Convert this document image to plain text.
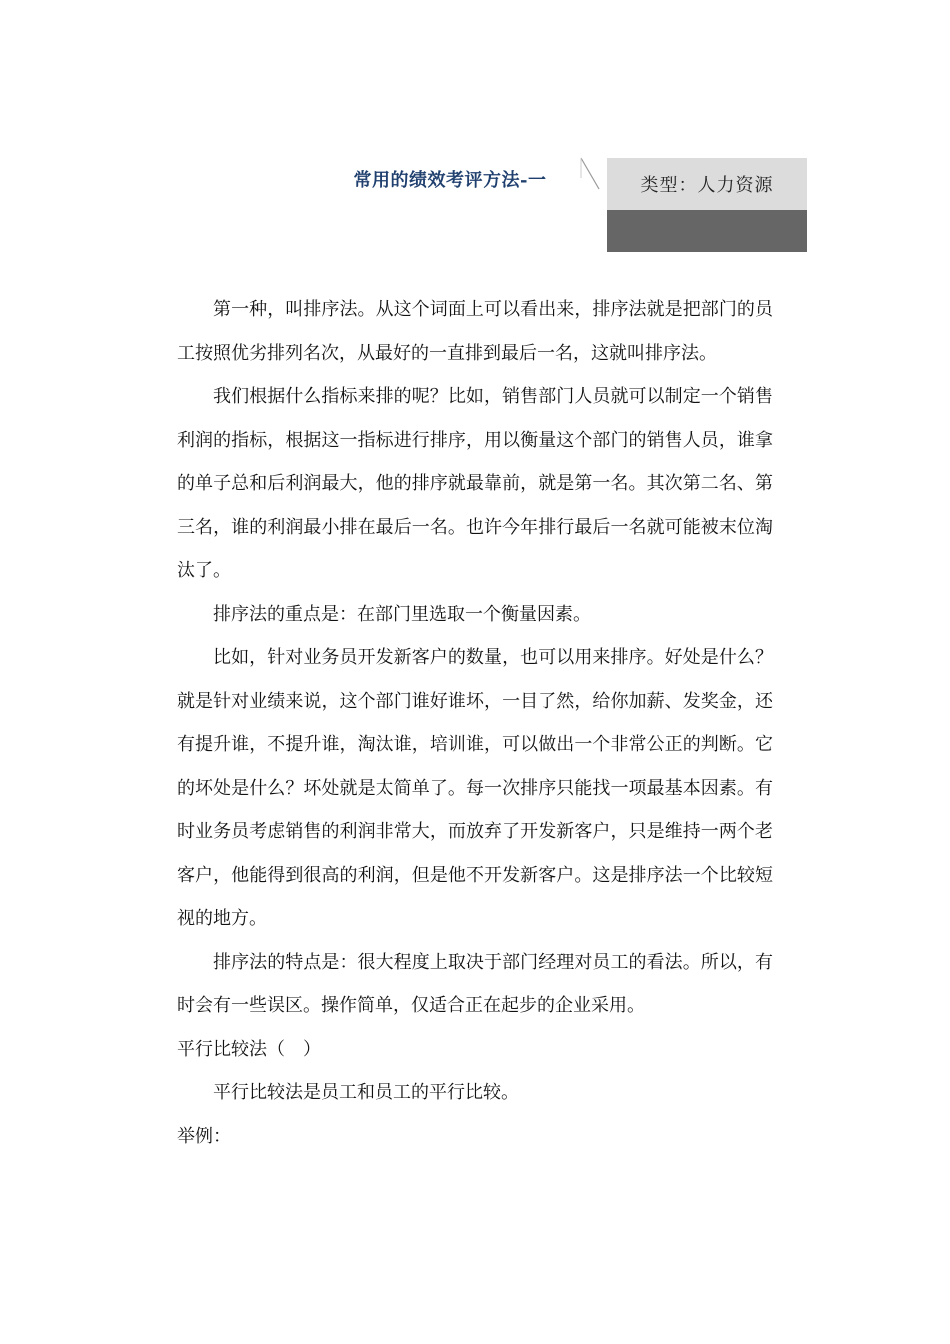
常用的绩效考评方法-一	类型： 人力资源

第一种，叫排序法。从这个词面上可以看出来，排序法就是把部门的员工按照优劣排列名次，从最好的一直排到最后一名，这就叫排序法。

我们根据什么指标来排的呢？比如，销售部门人员就可以制定一个销售利润的指标，根据这一指标进行排序，用以衡量这个部门的销售人员，谁拿的单子总和后利润最大，他的排序就最靠前，就是第一名。其次第二名、第三名，谁的利润最小排在最后一名。也许今年排行最后一名就可能被末位淘汰了。

排序法的重点是：在部门里选取一个衡量因素。

比如，针对业务员开发新客户的数量，也可以用来排序。好处是什么？就是针对业绩来说，这个部门谁好谁坏，一目了然，给你加薪、发奖金，还有提升谁，不提升谁，淘汰谁，培训谁，可以做出一个非常公正的判断。它的坏处是什么？坏处就是太简单了。每一次排序只能找一项最基本因素。有时业务员考虑销售的利润非常大，而放弃了开发新客户，只是维持一两个老客户，他能得到很高的利润，但是他不开发新客户。这是排序法一个比较短视的地方。

排序法的特点是：很大程度上取决于部门经理对员工的看法。所以，有时会有一些误区。操作简单，仅适合正在起步的企业采用。

平行比较法（　）

平行比较法是员工和员工的平行比较。

举例：
